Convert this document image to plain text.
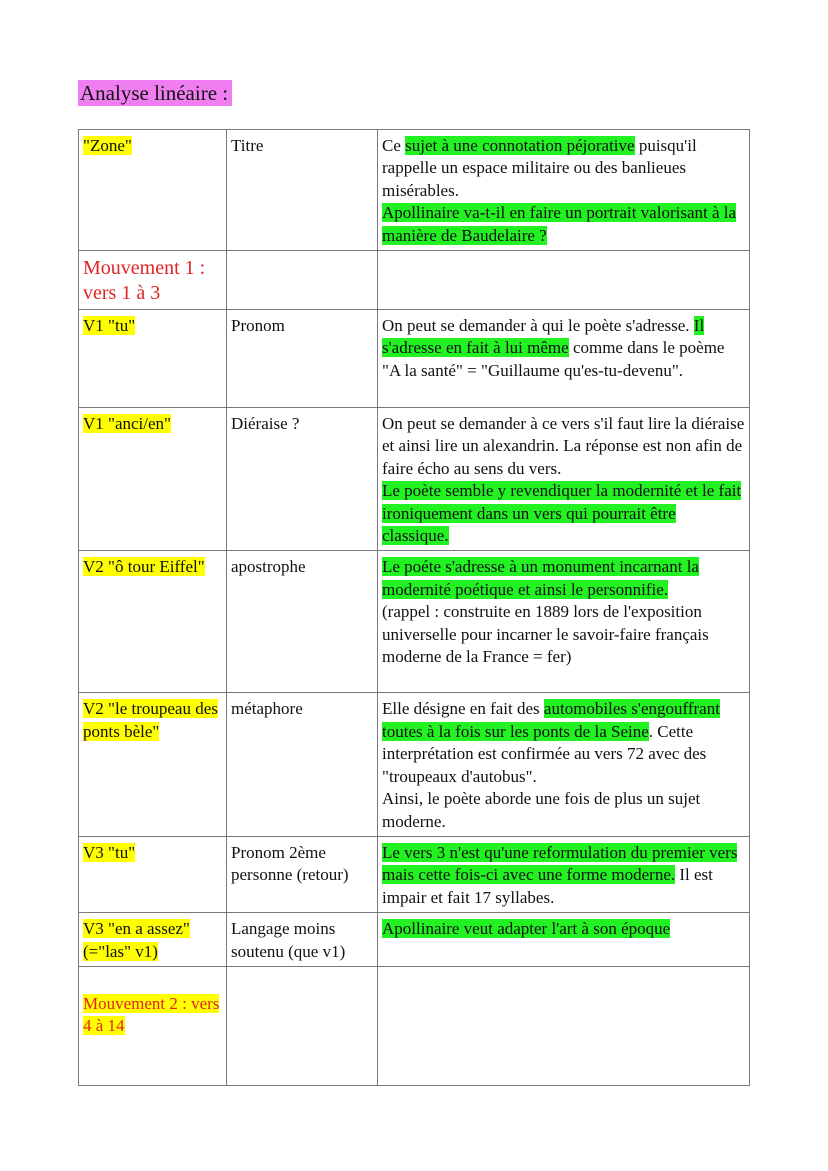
Analyse linéaire :
"Zone"	Titre	Ce sujet à une connotation péjorative puisqu'il rappelle un espace militaire ou des banlieues misérables.
Apollinaire va-t-il en faire un portrait valorisant à la manière de Baudelaire ?
Mouvement 1 : vers 1 à 3		
V1 "tu"	Pronom	On peut se demander à qui le poète s'adresse. Il s'adresse en fait à lui même comme dans le poème "A la santé" = "Guillaume qu'es-tu-devenu".
V1 "anci/en"	Diéraise ?	On peut se demander à ce vers s'il faut lire la diéraise et ainsi lire un alexandrin. La réponse est non afin de faire écho au sens du vers.
Le poète semble y revendiquer la modernité et le fait ironiquement dans un vers qui pourrait être classique.
V2 "ô tour Eiffel"	apostrophe	Le poéte s'adresse à un monument incarnant la modernité poétique et ainsi le personnifie.
(rappel : construite en 1889 lors de l'exposition universelle pour incarner le savoir-faire français moderne de la France = fer)
V2 "le troupeau des ponts bèle"	métaphore	Elle désigne en fait des automobiles s'engouffrant toutes à la fois sur les ponts de la Seine. Cette interprétation est confirmée au vers 72 avec des "troupeaux d'autobus".
Ainsi, le poète aborde une fois de plus un sujet moderne.
V3 "tu"	Pronom 2ème personne (retour)	Le vers 3 n'est qu'une reformulation du premier vers mais cette fois-ci avec une forme moderne. Il est impair et fait 17 syllabes.
V3 "en a assez" (="las" v1)	Langage moins soutenu (que v1)	Apollinaire veut adapter l'art à son époque
Mouvement 2 : vers 4 à 14		
